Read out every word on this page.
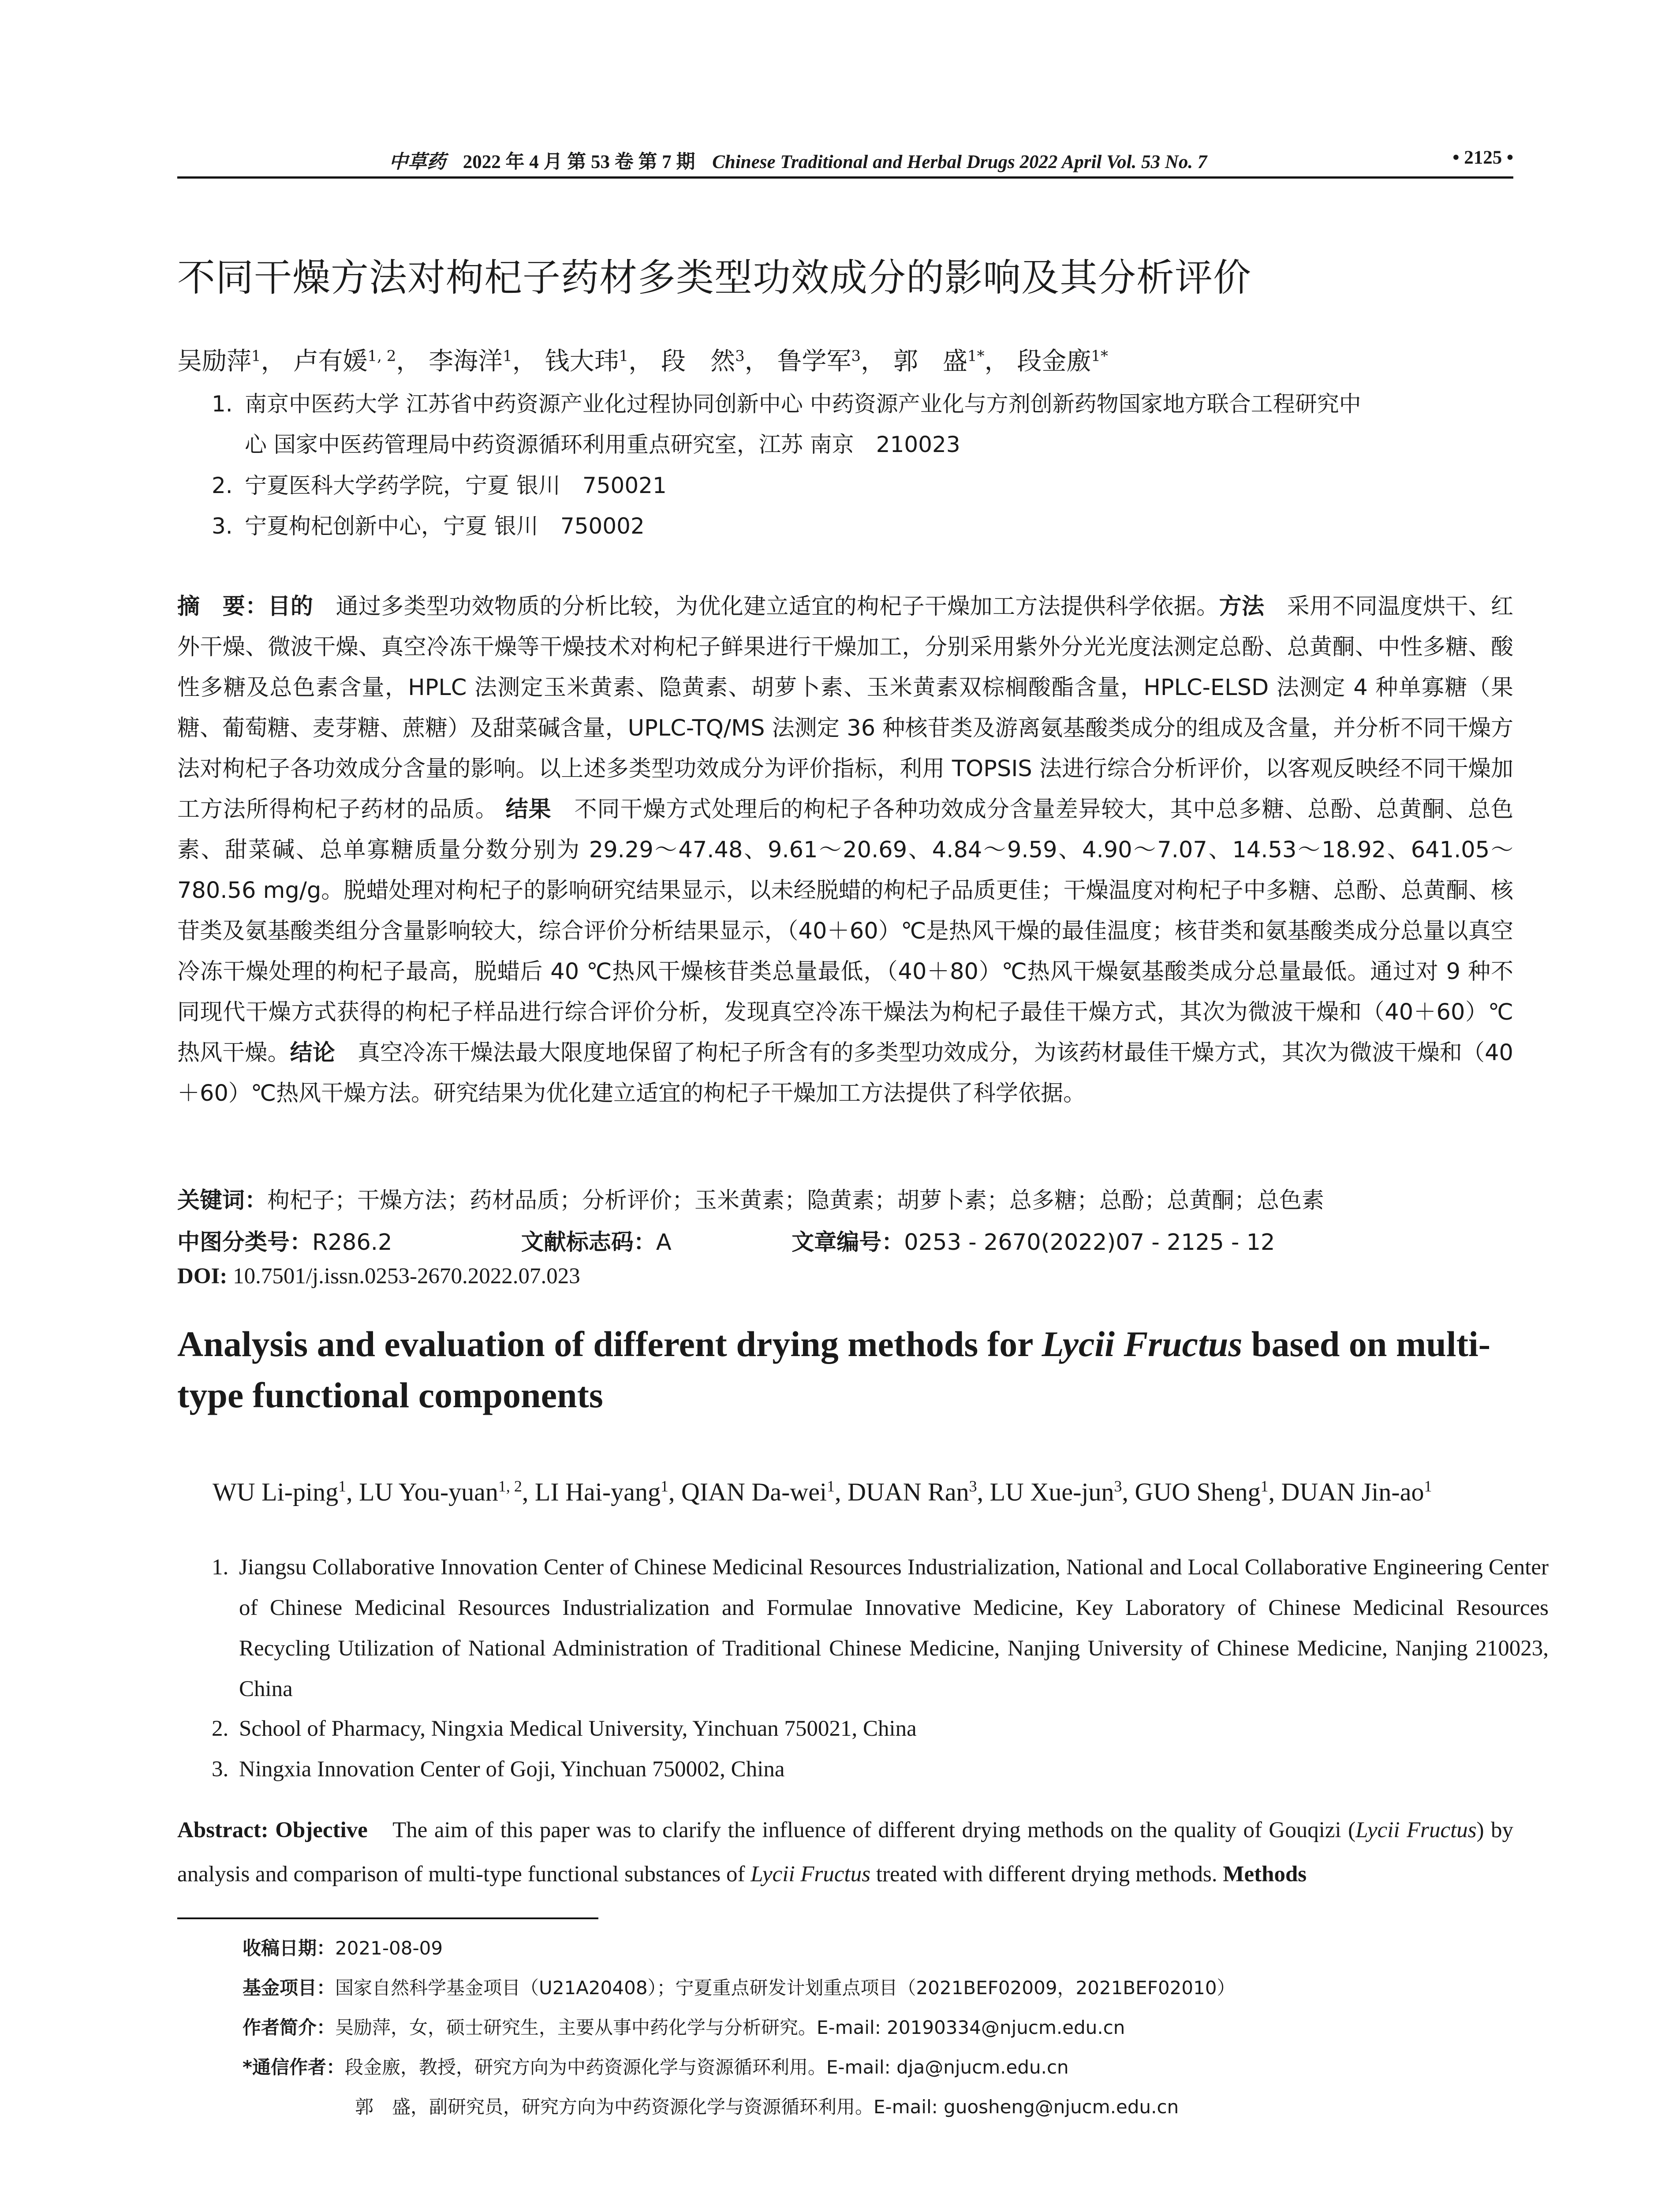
中草药 2022 年 4 月 第 53 卷 第 7 期 Chinese Traditional and Herbal Drugs 2022 April Vol. 53 No. 7	• 2125 •
不同干燥方法对枸杞子药材多类型功效成分的影响及其分析评价
吴励萍$^1$， 卢有媛$^{1, 2}$， 李海洋$^1$， 钱大玮$^1$， 段　然$^3$， 鲁学军$^3$， 郭　盛$^{1*}$， 段金廒$^{1*}$
1. 南京中医药大学 江苏省中药资源产业化过程协同创新中心 中药资源产业化与方剂创新药物国家地方联合工程研究中
心 国家中医药管理局中药资源循环利用重点研究室，江苏 南京　210023
2. 宁夏医科大学药学院，宁夏 银川　750021
3. 宁夏枸杞创新中心，宁夏 银川　750002
摘　要：目的　 通过多类型功效物质的分析比较，为优化建立适宜的枸杞子干燥加工方法提供科学依据。方法　 采用不同温度烘干、红外干燥、微波干燥、真空冷冻干燥等干燥技术对枸杞子鲜果进行干燥加工，分别采用紫外分光光度法测定总酚、总黄酮、中性多糖、酸性多糖及总色素含量，HPLC 法测定玉米黄素、隐黄素、胡萝卜素、玉米黄素双棕榈酸酯含量，HPLC-ELSD 法测定 4 种单寡糖（果糖、葡萄糖、麦芽糖、蔗糖）及甜菜碱含量，UPLC-TQ/MS 法测定 36 种核苷类及游离氨基酸类成分的组成及含量，并分析不同干燥方法对枸杞子各功效成分含量的影响。以上述多类型功效成分为评价指标，利用 TOPSIS 法进行综合分析评价，以客观反映经不同干燥加工方法所得枸杞子药材的品质。 结果　 不同干燥方式处理后的枸杞子各种功效成分含量差异较大，其中总多糖、总酚、总黄酮、总色素、甜菜碱、总单寡糖质量分数分别为 29.29～47.48、9.61～20.69、4.84～9.59、4.90～7.07、14.53～18.92、641.05～780.56 mg/g。脱蜡处理对枸杞子的影响研究结果显示，以未经脱蜡的枸杞子品质更佳；干燥温度对枸杞子中多糖、总酚、总黄酮、核苷类及氨基酸类组分含量影响较大，综合评价分析结果显示，（40＋60）℃是热风干燥的最佳温度；核苷类和氨基酸类成分总量以真空冷冻干燥处理的枸杞子最高，脱蜡后 40 ℃热风干燥核苷类总量最低，（40＋80）℃热风干燥氨基酸类成分总量最低。通过对 9 种不同现代干燥方式获得的枸杞子样品进行综合评价分析，发现真空冷冻干燥法为枸杞子最佳干燥方式，其次为微波干燥和（40＋60）℃热风干燥。结论　 真空冷冻干燥法最大限度地保留了枸杞子所含有的多类型功效成分，为该药材最佳干燥方式，其次为微波干燥和（40＋60）℃热风干燥方法。研究结果为优化建立适宜的枸杞子干燥加工方法提供了科学依据。
关键词：枸杞子；干燥方法；药材品质；分析评价；玉米黄素；隐黄素；胡萝卜素；总多糖；总酚；总黄酮；总色素
中图分类号：R286.2	文献标志码：A	文章编号：0253 - 2670(2022)07 - 2125 - 12
DOI: 10.7501/j.issn.0253-2670.2022.07.023
Analysis and evaluation of different drying methods for Lycii Fructus based on multi-type functional components
WU Li-ping$^1$, LU You-yuan$^{1, 2}$, LI Hai-yang$^1$, QIAN Da-wei$^1$, DUAN Ran$^3$, LU Xue-jun$^3$, GUO Sheng$^1$, DUAN Jin-$ao^1$
1. Jiangsu Collaborative Innovation Center of Chinese Medicinal Resources Industrialization, National and Local Collaborative Engineering Center of Chinese Medicinal Resources Industrialization and Formulae Innovative Medicine, Key Laboratory of Chinese Medicinal Resources Recycling Utilization of National Administration of Traditional Chinese Medicine, Nanjing University of Chinese Medicine, Nanjing 210023, China
2. School of Pharmacy, Ningxia Medical University, Yinchuan 750021, China
3. Ningxia Innovation Center of Goji, Yinchuan 750002, China
Abstract: Objective　 The aim of this paper was to clarify the influence of different drying methods on the quality of Gouqizi (Lycii Fructus) by analysis and comparison of multi-type functional substances of Lycii Fructus treated with different drying methods. Methods
收稿日期：2021-08-09
基金项目：国家自然科学基金项目（U21A20408）；宁夏重点研发计划重点项目（2021BEF02009，2021BEF02010）
作者简介：吴励萍，女，硕士研究生，主要从事中药化学与分析研究。E-mail: 20190334@njucm.edu.cn
*通信作者：段金廒，教授，研究方向为中药资源化学与资源循环利用。E-mail: dja@njucm.edu.cn
郭　盛，副研究员，研究方向为中药资源化学与资源循环利用。E-mail: guosheng@njucm.edu.cn
